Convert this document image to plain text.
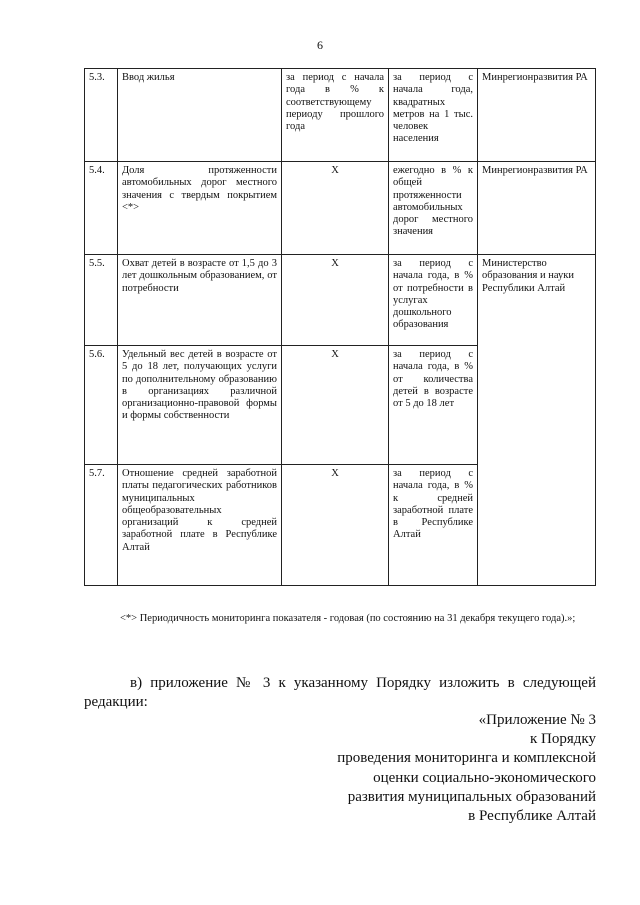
6
5.3.	Ввод жилья	за период с начала года в % к соответствующему периоду прошлого года	за период с начала года, квадратных метров на 1 тыс. человек населения	Минрегионразвития РА
5.4.	Доля протяженности автомобильных дорог местного значения с твердым покрытием <*>	Х	ежегодно в % к общей протяженности автомобильных дорог местного значения	Минрегионразвития РА
5.5.	Охват детей в возрасте от 1,5 до 3 лет дошкольным образованием, от потребности	Х	за период с начала года, в % от потребности в услугах дошкольного образования	Министерство образования и науки Республики Алтай
5.6.	Удельный вес детей в возрасте от 5 до 18 лет, получающих услуги по дополнительному образованию в организациях различной организационно-правовой формы и формы собственности	Х	за период с начала года, в % от количества детей в возрасте от 5 до 18 лет	
5.7.	Отношение средней заработной платы педагогических работников муниципальных общеобразовательных организаций к средней заработной плате в Республике Алтай	Х	за период с начала года, в % к средней заработной плате в Республике Алтай	
<*> Периодичность мониторинга показателя - годовая (по состоянию на 31 декабря текущего года).»;
в) приложение № 3 к указанному Порядку изложить в следующей редакции:
«Приложение № 3
к Порядку
проведения мониторинга и комплексной
оценки социально-экономического
развития муниципальных образований
в Республике Алтай
